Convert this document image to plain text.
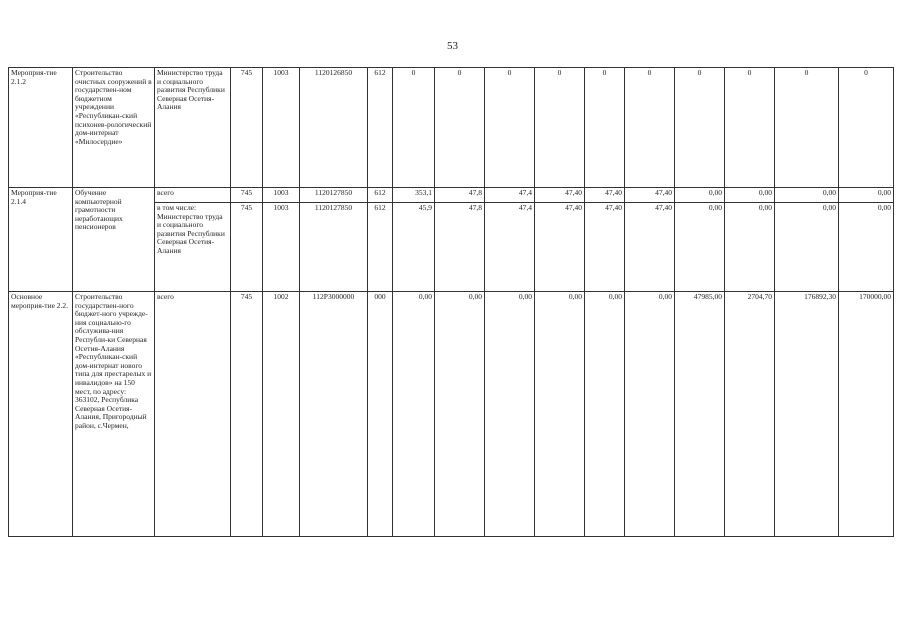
53
Мероприя-тие 2.1.2	Строительство очистных сооружений в государствен-ном бюджетном учреждении «Республикан-ский психонев-рологический дом-интернат «Милосердие»	Министерство труда и социального развития Республики Северная Осетия-Алания	745	1003	1120126850	612	0	0	0	0	0	0	0	0	0	0
Мероприя-тие 2.1.4	Обучение компьютерной грамотности неработающих пенсионеров	всего	745	1003	1120127850	612	353,1	47,8	47,4	47,40	47,40	47,40	0,00	0,00	0,00	0,00
		в том числе: Министерство труда и социального развития Республики Северная Осетия-Алания	745	1003	1120127850	612	45,9	47,8	47,4	47,40	47,40	47,40	0,00	0,00	0,00	0,00
Основное мероприя-тие 2.2.	Строительство государствен-ного бюджет-ного учрежде-ния социально-го обслужива-ния Республи-ки Северная Осетия-Алания «Республикан-ский дом-интернат нового типа для престарелых и инвалидов» на 150 мест, по адресу: 363102, Республика Северная Осетия-Алания, Пригородный район, с.Чермен,	всего	745	1002	112P3000000	000	0,00	0,00	0,00	0,00	0,00	0,00	47985,00	2704,70	176892,30	170000,00
